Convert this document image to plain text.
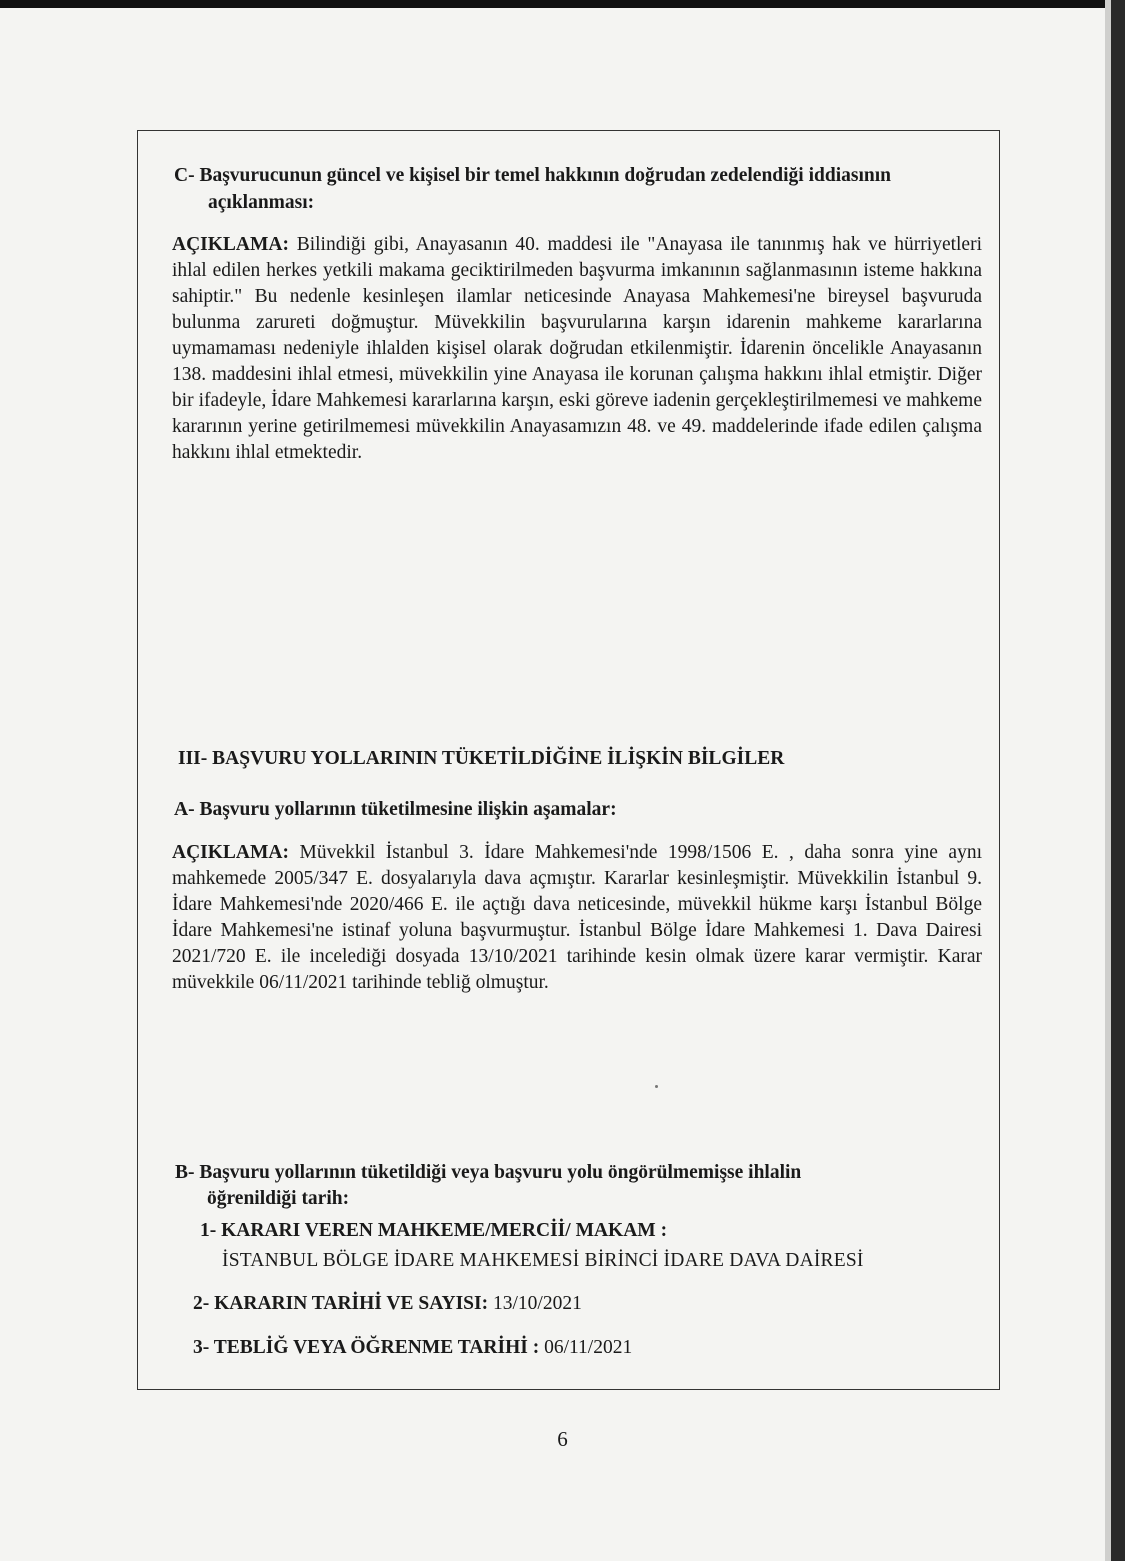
C- Başvurucunun güncel ve kişisel bir temel hakkının doğrudan zedelendiği iddiasının
açıklanması:
AÇIKLAMA: Bilindiği gibi, Anayasanın 40. maddesi ile "Anayasa ile tanınmış hak ve hürriyetleri ihlal edilen herkes yetkili makama geciktirilmeden başvurma imkanının sağlanmasının isteme hakkına sahiptir." Bu nedenle kesinleşen ilamlar neticesinde Anayasa Mahkemesi'ne bireysel başvuruda bulunma zarureti doğmuştur. Müvekkilin başvurularına karşın idarenin mahkeme kararlarına uymamaması nedeniyle ihlalden kişisel olarak doğrudan etkilenmiştir. İdarenin öncelikle Anayasanın 138. maddesini ihlal etmesi, müvekkilin yine Anayasa ile korunan çalışma hakkını ihlal etmiştir. Diğer bir ifadeyle, İdare Mahkemesi kararlarına karşın, eski göreve iadenin gerçekleştirilmemesi ve mahkeme kararının yerine getirilmemesi müvekkilin Anayasamızın 48. ve 49. maddelerinde ifade edilen çalışma hakkını ihlal etmektedir.
III- BAŞVURU YOLLARININ TÜKETİLDİĞİNE İLİŞKİN BİLGİLER
A- Başvuru yollarının tüketilmesine ilişkin aşamalar:
AÇIKLAMA: Müvekkil İstanbul 3. İdare Mahkemesi'nde 1998/1506 E. , daha sonra yine aynı mahkemede 2005/347 E. dosyalarıyla dava açmıştır. Kararlar kesinleşmiştir. Müvekkilin İstanbul 9. İdare Mahkemesi'nde 2020/466 E. ile açtığı dava neticesinde, müvekkil hükme karşı İstanbul Bölge İdare Mahkemesi'ne istinaf yoluna başvurmuştur. İstanbul Bölge İdare Mahkemesi 1. Dava Dairesi 2021/720 E. ile incelediği dosyada 13/10/2021 tarihinde kesin olmak üzere karar vermiştir. Karar müvekkile 06/11/2021 tarihinde tebliğ olmuştur.
B- Başvuru yollarının tüketildiği veya başvuru yolu öngörülmemişse ihlalin
öğrenildiği tarih:
1- KARARI VEREN MAHKEME/MERCİİ/ MAKAM :
İSTANBUL BÖLGE İDARE MAHKEMESİ BİRİNCİ İDARE DAVA DAİRESİ
2- KARARIN TARİHİ VE SAYISI: 13/10/2021
3- TEBLİĞ VEYA ÖĞRENME TARİHİ : 06/11/2021
6
